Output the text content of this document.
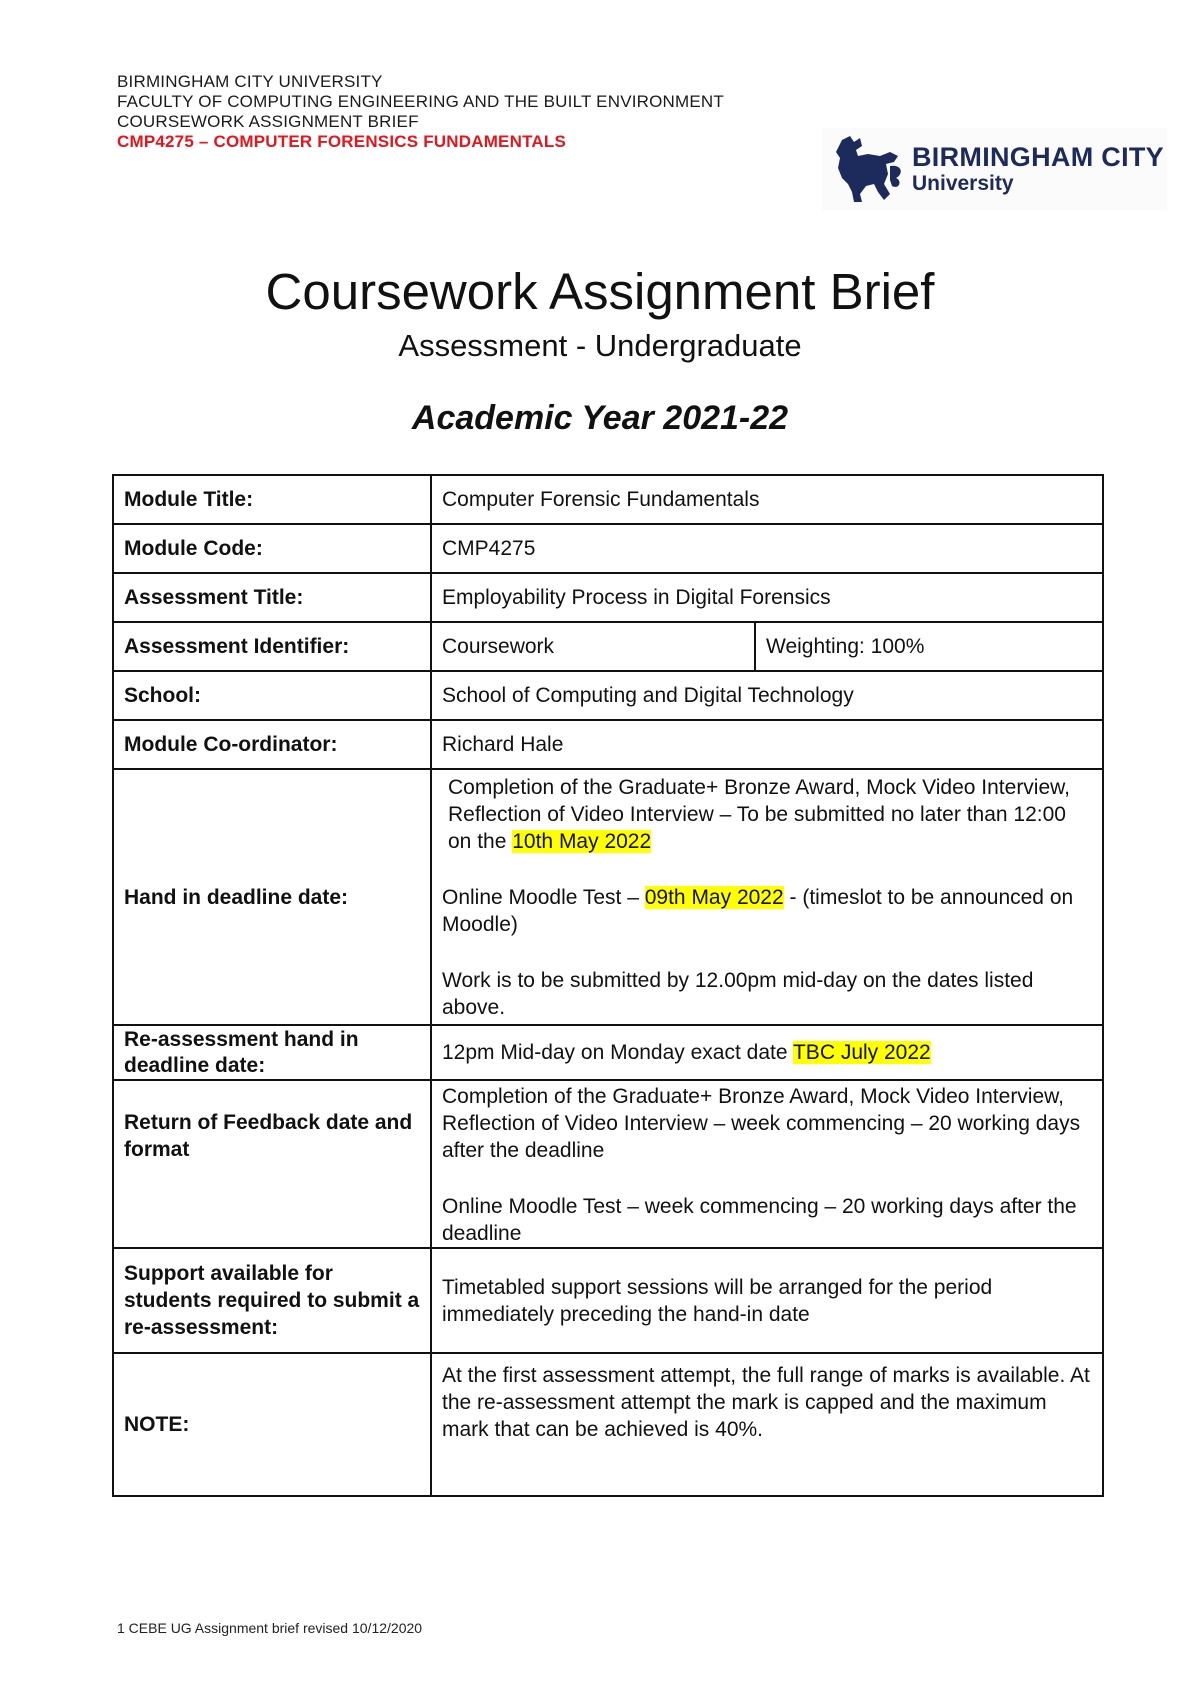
BIRMINGHAM CITY UNIVERSITY
FACULTY OF COMPUTING ENGINEERING AND THE BUILT ENVIRONMENT
COURSEWORK ASSIGNMENT BRIEF
CMP4275 – COMPUTER FORENSICS FUNDAMENTALS
BIRMINGHAM CITY
University
Coursework Assignment Brief
Assessment - Undergraduate
Academic Year 2021-22
Module Title:	Computer Forensic Fundamentals	
Module Code:	CMP4275	
Assessment Title:	Employability Process in Digital Forensics	
Assessment Identifier:	Coursework	Weighting: 100%
School:	School of Computing and Digital Technology	
Module Co-ordinator:	Richard Hale	
Hand in deadline date:	Completion of the Graduate+ Bronze Award, Mock Video Interview, Reflection of Video Interview – To be submitted no later than 12:00 on the 10th May 2022

Online Moodle Test – 09th May 2022 - (timeslot to be announced on Moodle)

Work is to be submitted by 12.00pm mid-day on the dates listed above.	

Re-assessment hand in deadline date:	12pm Mid-day on Monday exact date TBC July 2022	
Return of Feedback date and format	Completion of the Graduate+ Bronze Award, Mock Video Interview, Reflection of Video Interview – week commencing – 20 working days after the deadline

Online Moodle Test – week commencing – 20 working days after the deadline	

Support available for students required to submit a re-assessment:	Timetabled support sessions will be arranged for the period immediately preceding the hand-in date	
NOTE:	At the first assessment attempt, the full range of marks is available. At the re-assessment attempt the mark is capped and the maximum mark that can be achieved is 40%.	
1 CEBE UG Assignment brief revised 10/12/2020
